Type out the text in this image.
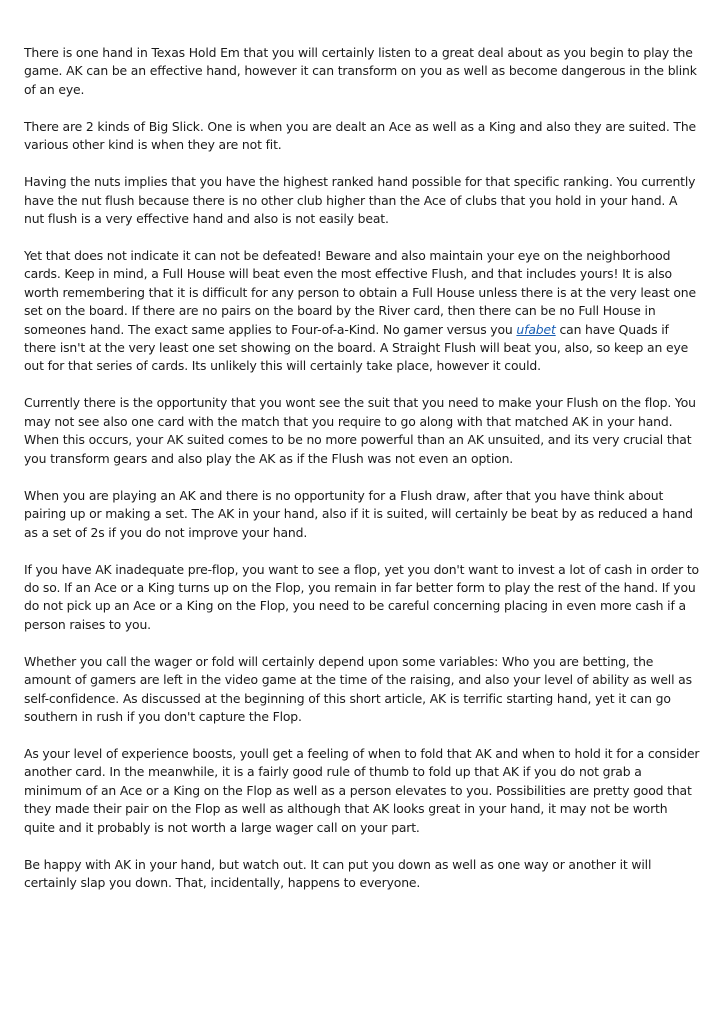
There is one hand in Texas Hold Em that you will certainly listen to a great deal about as you begin to play the game. AK can be an effective hand, however it can transform on you as well as become dangerous in the blink of an eye.

There are 2 kinds of Big Slick. One is when you are dealt an Ace as well as a King and also they are suited. The various other kind is when they are not fit.

Having the nuts implies that you have the highest ranked hand possible for that specific ranking. You currently have the nut flush because there is no other club higher than the Ace of clubs that you hold in your hand. A nut flush is a very effective hand and also is not easily beat.

Yet that does not indicate it can not be defeated! Beware and also maintain your eye on the neighborhood cards. Keep in mind, a Full House will beat even the most effective Flush, and that includes yours! It is also worth remembering that it is difficult for any person to obtain a Full House unless there is at the very least one set on the board. If there are no pairs on the board by the River card, then there can be no Full House in someones hand. The exact same applies to Four-of-a-Kind. No gamer versus you ufabet can have Quads if there isn't at the very least one set showing on the board. A Straight Flush will beat you, also, so keep an eye out for that series of cards. Its unlikely this will certainly take place, however it could.

Currently there is the opportunity that you wont see the suit that you need to make your Flush on the flop. You may not see also one card with the match that you require to go along with that matched AK in your hand. When this occurs, your AK suited comes to be no more powerful than an AK unsuited, and its very crucial that you transform gears and also play the AK as if the Flush was not even an option.

When you are playing an AK and there is no opportunity for a Flush draw, after that you have think about pairing up or making a set. The AK in your hand, also if it is suited, will certainly be beat by as reduced a hand as a set of 2s if you do not improve your hand.

If you have AK inadequate pre-flop, you want to see a flop, yet you don't want to invest a lot of cash in order to do so. If an Ace or a King turns up on the Flop, you remain in far better form to play the rest of the hand. If you do not pick up an Ace or a King on the Flop, you need to be careful concerning placing in even more cash if a person raises to you.

Whether you call the wager or fold will certainly depend upon some variables: Who you are betting, the amount of gamers are left in the video game at the time of the raising, and also your level of ability as well as self-confidence. As discussed at the beginning of this short article, AK is terrific starting hand, yet it can go southern in rush if you don't capture the Flop.

As your level of experience boosts, youll get a feeling of when to fold that AK and when to hold it for a consider another card. In the meanwhile, it is a fairly good rule of thumb to fold up that AK if you do not grab a minimum of an Ace or a King on the Flop as well as a person elevates to you. Possibilities are pretty good that they made their pair on the Flop as well as although that AK looks great in your hand, it may not be worth quite and it probably is not worth a large wager call on your part.

Be happy with AK in your hand, but watch out. It can put you down as well as one way or another it will certainly slap you down. That, incidentally, happens to everyone.
